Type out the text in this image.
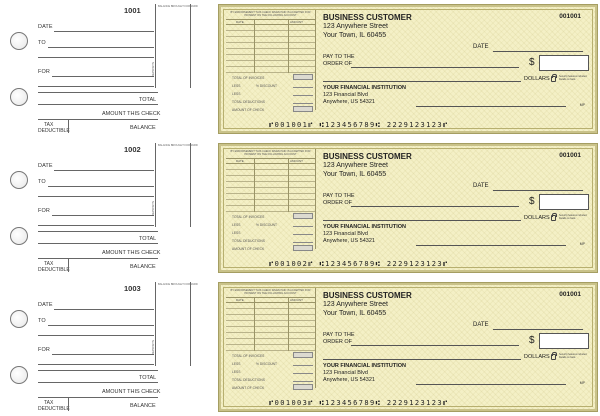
1001
DATE
TO
FOR
BALANCE BROUGHT FORWARD
DEPOSITS
TOTAL
AMOUNT THIS CHECK
TAX
DEDUCTIBLE	BALANCE
BY ENDORSEMENT THIS CHECK WHEN PAID IS ACCEPTED FOR PAYMENT ON THE FOLLOWING ACCOUNT
DATE	AMOUNT
TOTAL OF INVOICES
LESS	% DISCOUNT
LESS
TOTAL DEDUCTIONS
AMOUNT OF CHECK
BUSINESS CUSTOMER
123 Anywhere Street
Your Town, IL 60455
001001
DATE
PAY TO THE
ORDER OF	$
DOLLARS	Security features included. Details on back.
YOUR FINANCIAL INSTITUTION
123 Financial Blvd
Anywhere, US 54321	MP
⑈001001⑈ ⑆123456789⑆ 2229123123⑈
1002
DATE
TO
FOR
BALANCE BROUGHT FORWARD
DEPOSITS
TOTAL
AMOUNT THIS CHECK
TAX
DEDUCTIBLE	BALANCE
BY ENDORSEMENT THIS CHECK WHEN PAID IS ACCEPTED FOR PAYMENT ON THE FOLLOWING ACCOUNT
DATE	AMOUNT
TOTAL OF INVOICES
LESS	% DISCOUNT
LESS
TOTAL DEDUCTIONS
AMOUNT OF CHECK
BUSINESS CUSTOMER
123 Anywhere Street
Your Town, IL 60455
001001
DATE
PAY TO THE
ORDER OF	$
DOLLARS	Security features included. Details on back.
YOUR FINANCIAL INSTITUTION
123 Financial Blvd
Anywhere, US 54321	MP
⑈001002⑈ ⑆123456789⑆ 2229123123⑈
1003
DATE
TO
FOR
BALANCE BROUGHT FORWARD
DEPOSITS
TOTAL
AMOUNT THIS CHECK
TAX
DEDUCTIBLE	BALANCE
BY ENDORSEMENT THIS CHECK WHEN PAID IS ACCEPTED FOR PAYMENT ON THE FOLLOWING ACCOUNT
DATE	AMOUNT
TOTAL OF INVOICES
LESS	% DISCOUNT
LESS
TOTAL DEDUCTIONS
AMOUNT OF CHECK
BUSINESS CUSTOMER
123 Anywhere Street
Your Town, IL 60455
001001
DATE
PAY TO THE
ORDER OF	$
DOLLARS	Security features included. Details on back.
YOUR FINANCIAL INSTITUTION
123 Financial Blvd
Anywhere, US 54321	MP
⑈001003⑈ ⑆123456789⑆ 2229123123⑈
